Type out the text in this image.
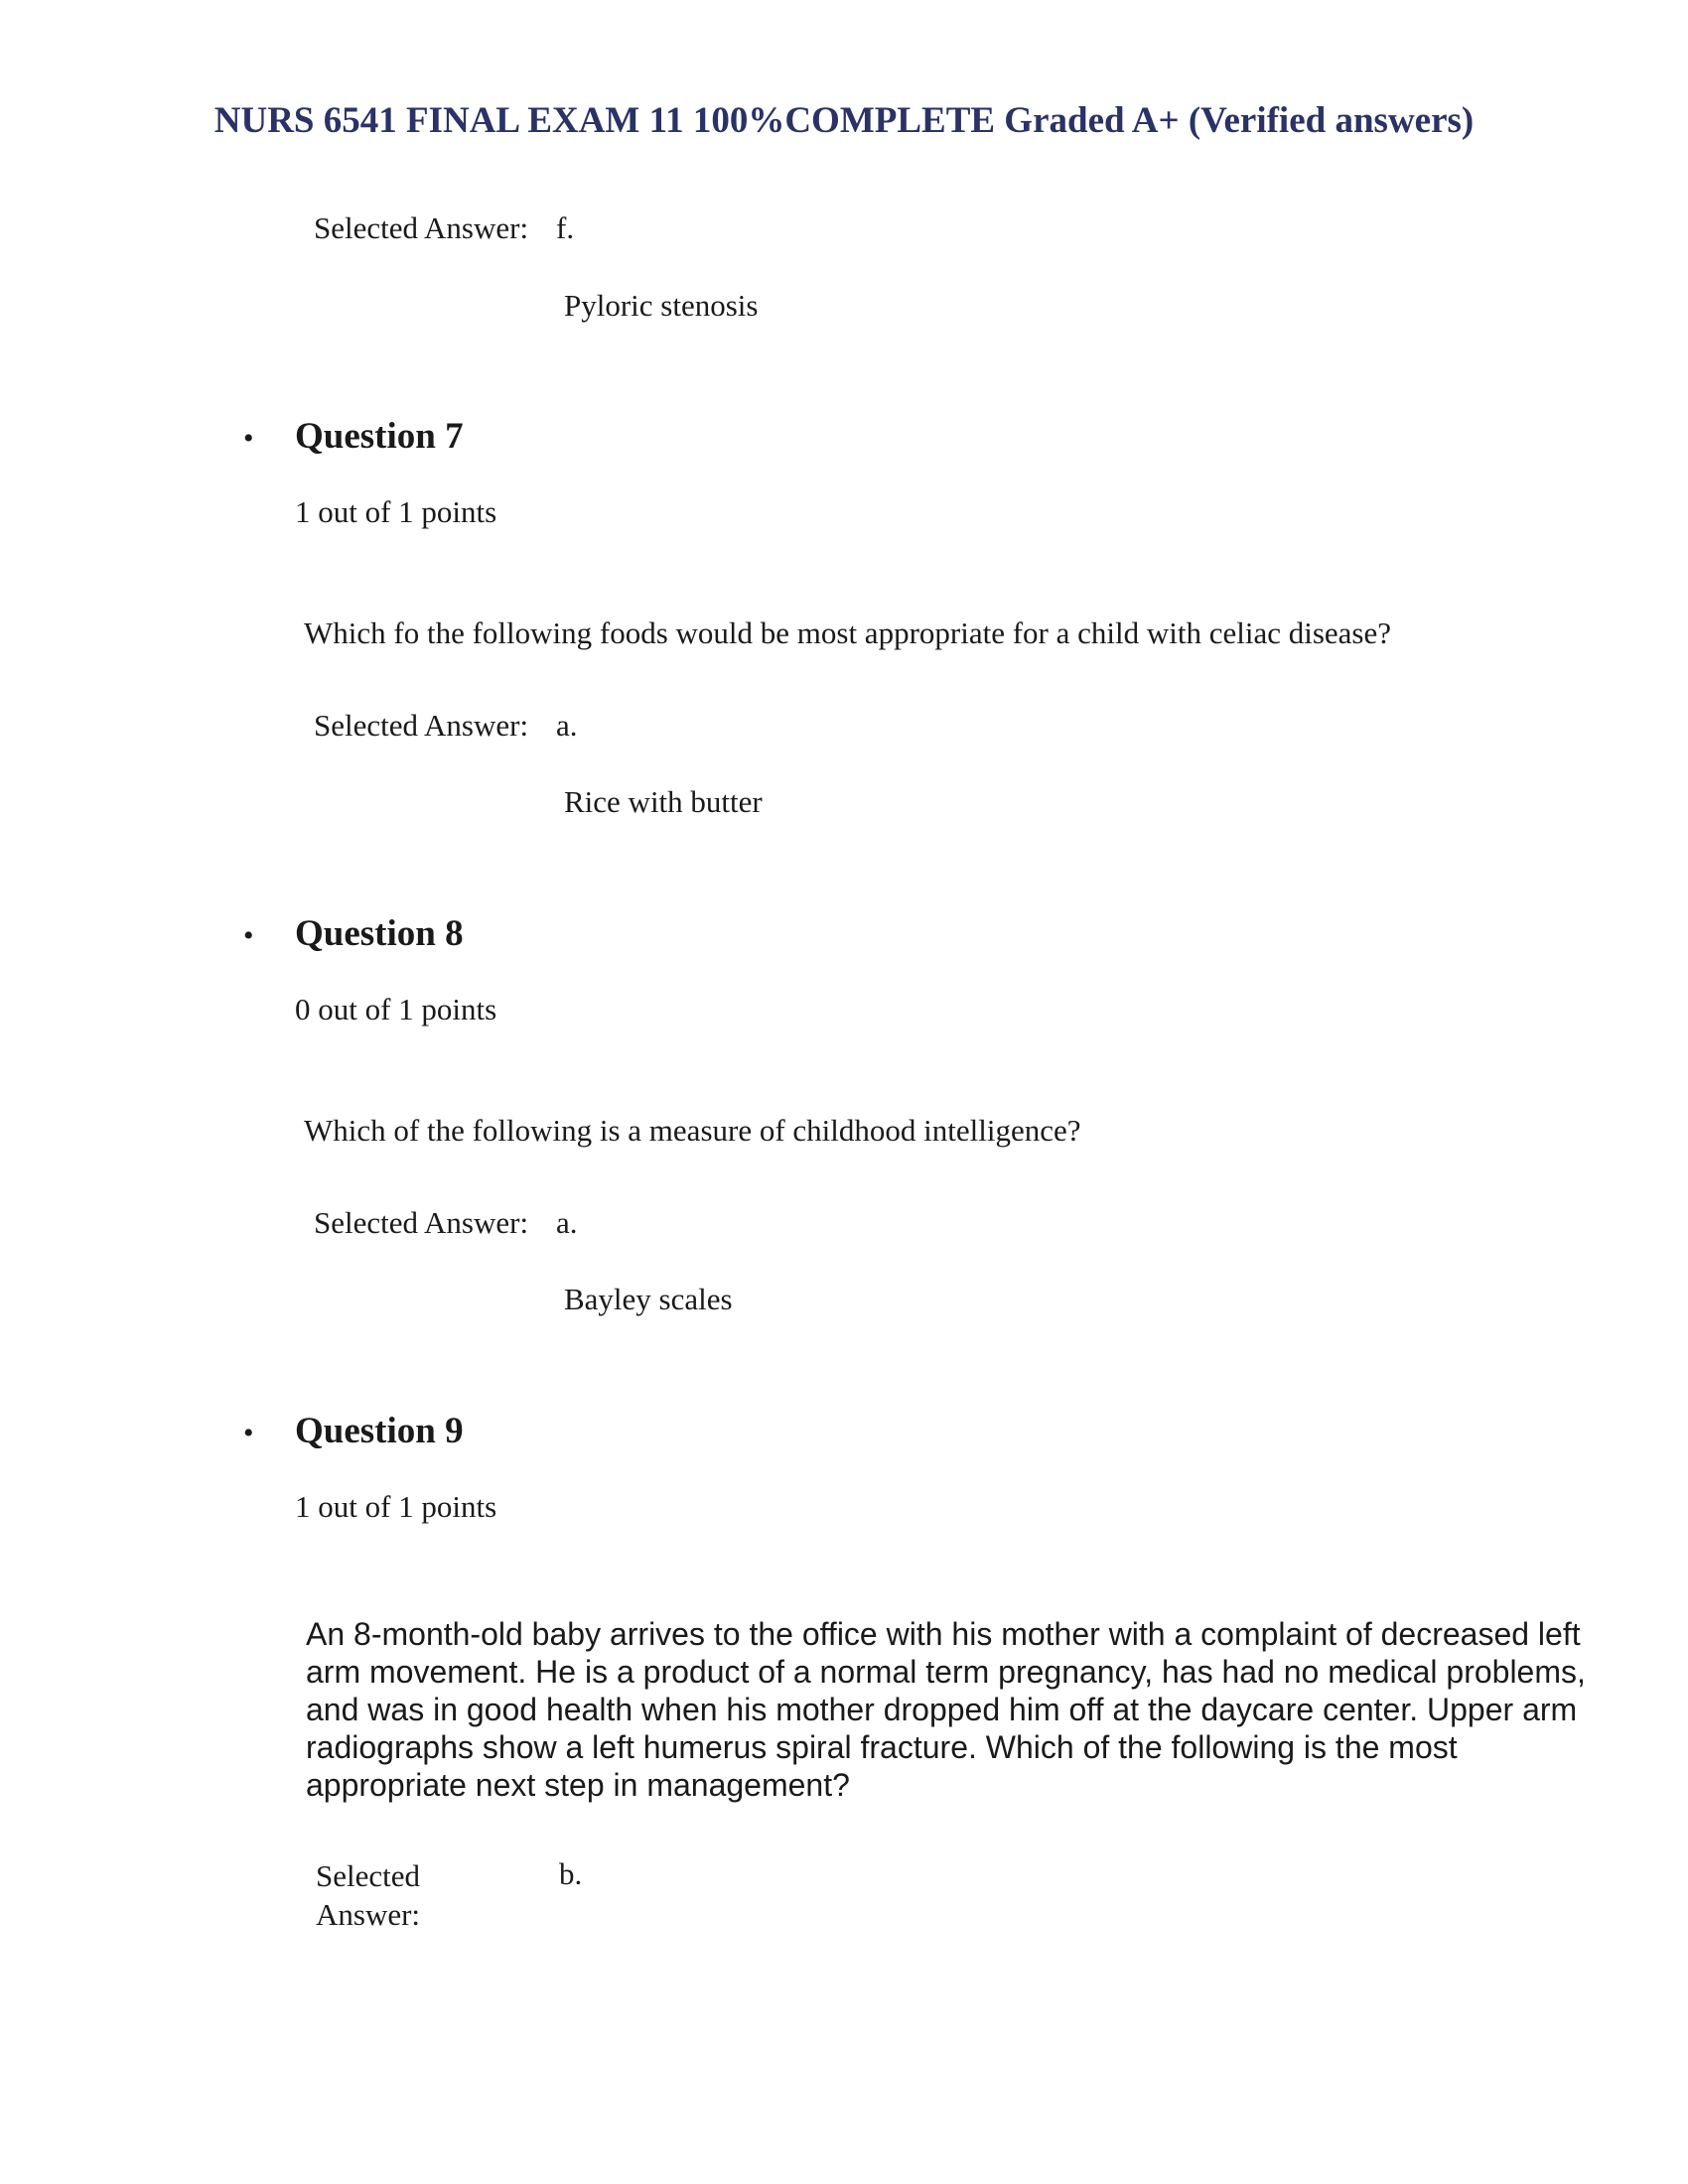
NURS 6541 FINAL EXAM 11 100%COMPLETE Graded A+ (Verified answers)
Selected Answer: f.
Pyloric stenosis
• Question 7
1 out of 1 points
Which fo the following foods would be most appropriate for a child with celiac disease?
Selected Answer: a.
Rice with butter
• Question 8
0 out of 1 points
Which of the following is a measure of childhood intelligence?
Selected Answer: a.
Bayley scales
• Question 9
1 out of 1 points
An 8-month-old baby arrives to the office with his mother with a complaint of decreased left arm movement. He is a product of a normal term pregnancy, has had no medical problems, and was in good health when his mother dropped him off at the daycare center. Upper arm radiographs show a left humerus spiral fracture. Which of the following is the most appropriate next step in management?
Selected Answer:
b.
